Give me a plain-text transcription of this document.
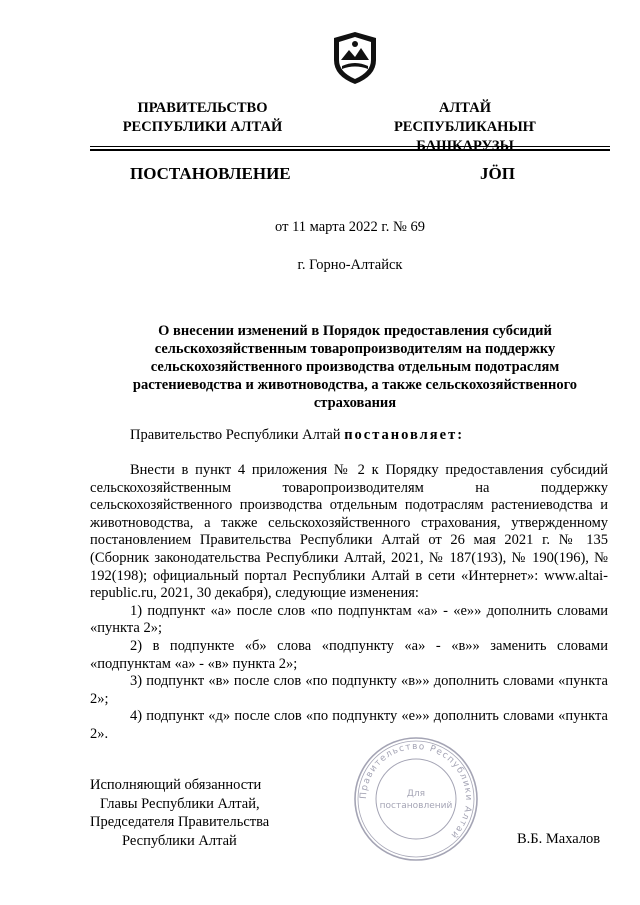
ПРАВИТЕЛЬСТВО
РЕСПУБЛИКИ АЛТАЙ
АЛТАЙ РЕСПУБЛИКАНЫҤ
БАШКАРУЗЫ
ПОСТАНОВЛЕНИЕ	JÖП
от 11 марта 2022 г. № 69
г. Горно-Алтайск
О внесении изменений в Порядок предоставления субсидий сельскохозяйственным товаропроизводителям на поддержку сельскохозяйственного производства отдельным подотраслям растениеводства и животноводства, а также сельскохозяйственного страхования
Правительство Республики Алтай постановляет:

Внести в пункт 4 приложения № 2 к Порядку предоставления субсидий сельскохозяйственным товаропроизводителям на поддержку сельскохозяйственного производства отдельным подотраслям растениеводства и животноводства, а также сельскохозяйственного страхования, утвержденному постановлением Правительства Республики Алтай от 26 мая 2021 г. № 135 (Сборник законодательства Республики Алтай, 2021, № 187(193), № 190(196), № 192(198); официальный портал Республики Алтай в сети «Интернет»: www.altai-republic.ru, 2021, 30 декабря), следующие изменения:

1) подпункт «а» после слов «по подпунктам «а» - «е»» дополнить словами «пункта 2»;

2) в подпункте «б» слова «подпункту «а» - «в»» заменить словами «подпунктам «а» - «в» пункта 2»;

3) подпункт «в» после слов «по подпункту «в»» дополнить словами «пункта 2»;

4) подпункт «д» после слов «по подпункту «е»» дополнить словами «пункта 2».

Правительство Республики Алтай
Для
постановлений
Исполняющий обязанности
Главы Республики Алтай,
Председателя Правительства
Республики Алтай	В.Б. Махалов
